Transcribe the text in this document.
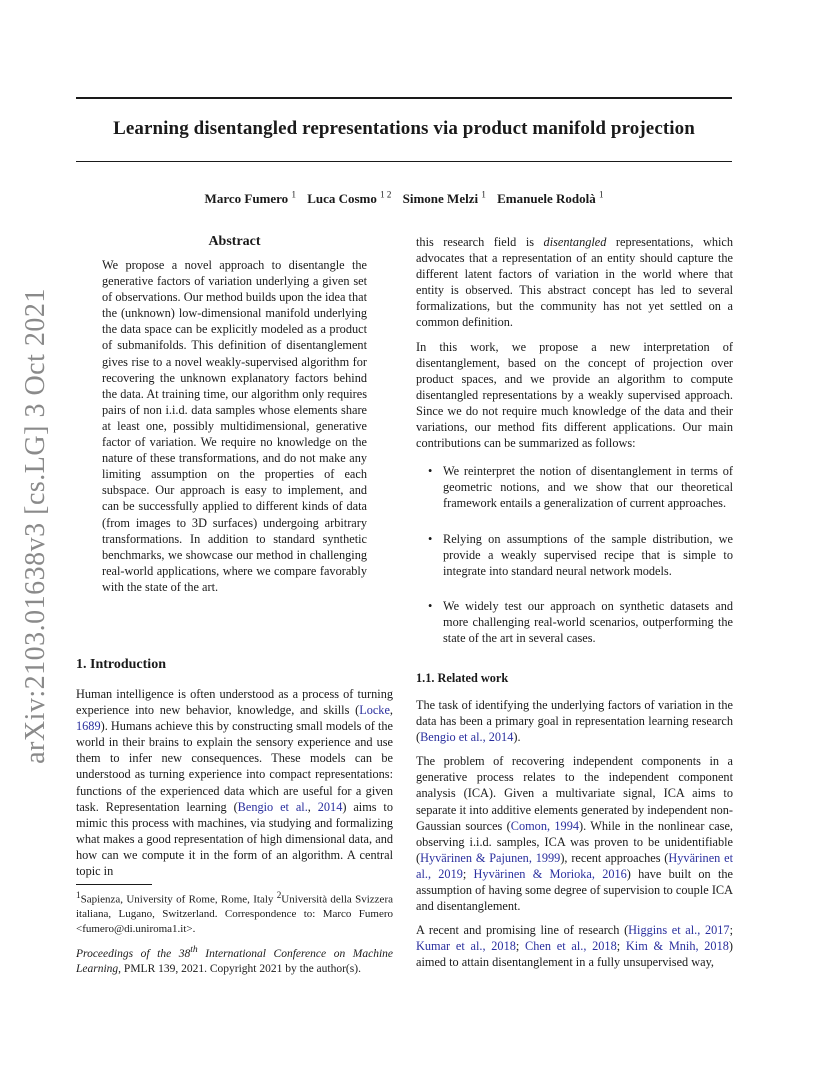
arXiv:2103.01638v3 [cs.LG] 3 Oct 2021
Learning disentangled representations via product manifold projection
Marco Fumero $^1$ Luca Cosmo $^{1 2}$ Simone Melzi $^1$ Emanuele Rodolà $^1$
Abstract
We propose a novel approach to disentangle the generative factors of variation underlying a given set of observations. Our method builds upon the idea that the (unknown) low-dimensional manifold underlying the data space can be explicitly modeled as a product of submanifolds. This definition of disentanglement gives rise to a novel weakly-supervised algorithm for recovering the unknown explanatory factors behind the data. At training time, our algorithm only requires pairs of non i.i.d. data samples whose elements share at least one, possibly multidimensional, generative factor of variation. We require no knowledge on the nature of these transformations, and do not make any limiting assumption on the properties of each subspace. Our approach is easy to implement, and can be successfully applied to different kinds of data (from images to 3D surfaces) undergoing arbitrary transformations. In addition to standard synthetic benchmarks, we showcase our method in challenging real-world applications, where we compare favorably with the state of the art.
1. Introduction

Human intelligence is often understood as a process of turning experience into new behavior, knowledge, and skills (Locke, 1689). Humans achieve this by constructing small models of the world in their brains to explain the sensory experience and use them to infer new consequences. These models can be understood as turning experience into compact representations: functions of the experienced data which are useful for a given task. Representation learning (Bengio et al., 2014) aims to mimic this process with machines, via studying and formalizing what makes a good representation of high dimensional data, and how can we compute it in the form of an algorithm. A central topic in

$^1$Sapienza, University of Rome, Rome, Italy $^2$Università della Svizzera italiana, Lugano, Switzerland. Correspondence to: Marco Fumero <fumero@di.uniroma1.it>.
Proceedings of the 38th International Conference on Machine Learning, PMLR 139, 2021. Copyright 2021 by the author(s).

this research field is disentangled representations, which advocates that a representation of an entity should capture the different latent factors of variation in the world where that entity is observed. This abstract concept has led to several formalizations, but the community has not yet settled on a common definition.

In this work, we propose a new interpretation of disentanglement, based on the concept of projection over product spaces, and we provide an algorithm to compute disentangled representations by a weakly supervised approach. Since we do not require much knowledge of the data and their variations, our method fits different applications. Our main contributions can be summarized as follows:

• We reinterpret the notion of disentanglement in terms of geometric notions, and we show that our theoretical framework entails a generalization of current approaches.
• Relying on assumptions of the sample distribution, we provide a weakly supervised recipe that is simple to integrate into standard neural network models.
• We widely test our approach on synthetic datasets and more challenging real-world scenarios, outperforming the state of the art in several cases.
1.1. Related work

The task of identifying the underlying factors of variation in the data has been a primary goal in representation learning research (Bengio et al., 2014).

The problem of recovering independent components in a generative process relates to the independent component analysis (ICA). Given a multivariate signal, ICA aims to separate it into additive elements generated by independent non-Gaussian sources (Comon, 1994). While in the nonlinear case, observing i.i.d. samples, ICA was proven to be unidentifiable (Hyvärinen & Pajunen, 1999), recent approaches (Hyvärinen et al., 2019; Hyvärinen & Morioka, 2016) have built on the assumption of having some degree of supervision to couple ICA and disentanglement.

A recent and promising line of research (Higgins et al., 2017; Kumar et al., 2018; Chen et al., 2018; Kim & Mnih, 2018) aimed to attain disentanglement in a fully unsupervised way,
